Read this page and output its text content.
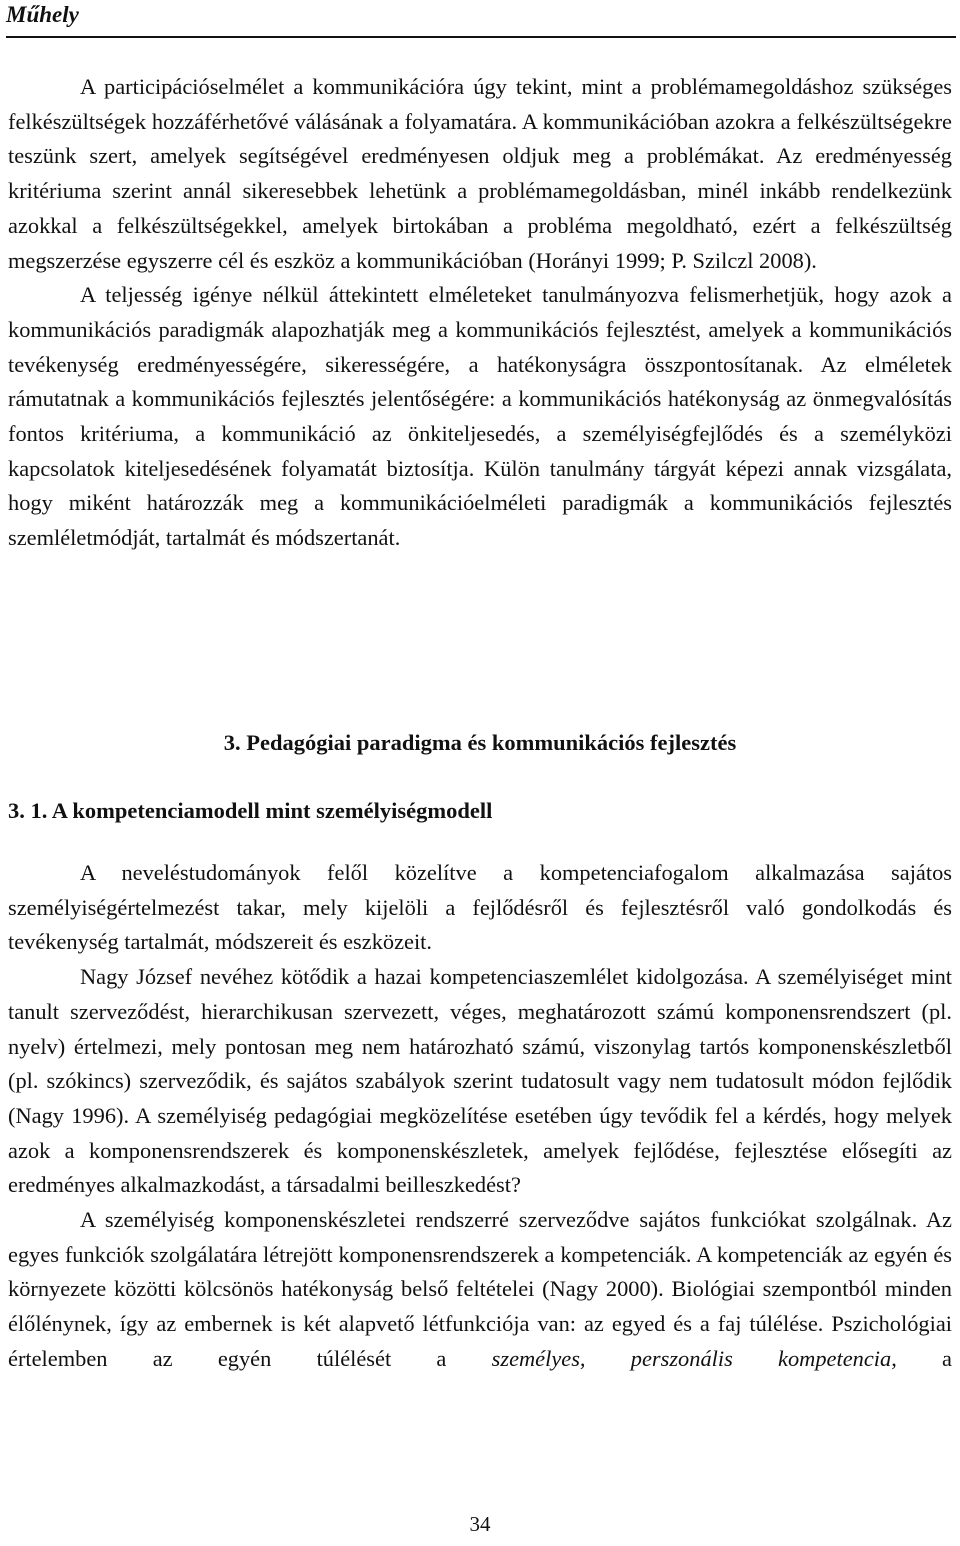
Műhely

A participációselmélet a kommunikációra úgy tekint, mint a problémamegoldáshoz szükséges felkészültségek hozzáférhetővé válásának a folyamatára. A kommunikációban azokra a felkészültségekre teszünk szert, amelyek segítségével eredményesen oldjuk meg a problémákat. Az eredményesség kritériuma szerint annál sikeresebbek lehetünk a problémamegoldásban, minél inkább rendelkezünk azokkal a felkészültségekkel, amelyek birtokában a probléma megoldható, ezért a felkészültség megszerzése egyszerre cél és eszköz a kommunikációban (Horányi 1999; P. Szilczl 2008).

A teljesség igénye nélkül áttekintett elméleteket tanulmányozva felismerhetjük, hogy azok a kommunikációs paradigmák alapozhatják meg a kommunikációs fejlesztést, amelyek a kommunikációs tevékenység eredményességére, sikerességére, a hatékonyságra összpontosítanak. Az elméletek rámutatnak a kommunikációs fejlesztés jelentőségére: a kommunikációs hatékonyság az önmegvalósítás fontos kritériuma, a kommunikáció az önkiteljesedés, a személyiségfejlődés és a személyközi kapcsolatok kiteljesedésének folyamatát biztosítja. Külön tanulmány tárgyát képezi annak vizsgálata, hogy miként határozzák meg a kommunikációelméleti paradigmák a kommunikációs fejlesztés szemléletmódját, tartalmát és módszertanát.

3. Pedagógiai paradigma és kommunikációs fejlesztés
3. 1. A kompetenciamodell mint személyiségmodell

A neveléstudományok felől közelítve a kompetenciafogalom alkalmazása sajátos személyiségértelmezést takar, mely kijelöli a fejlődésről és fejlesztésről való gondolkodás és tevékenység tartalmát, módszereit és eszközeit.

Nagy József nevéhez kötődik a hazai kompetenciaszemlélet kidolgozása. A személyiséget mint tanult szerveződést, hierarchikusan szervezett, véges, meghatározott számú komponensrendszert (pl. nyelv) értelmezi, mely pontosan meg nem határozható számú, viszonylag tartós komponenskészletből (pl. szókincs) szerveződik, és sajátos szabályok szerint tudatosult vagy nem tudatosult módon fejlődik (Nagy 1996). A személyiség pedagógiai megközelítése esetében úgy tevődik fel a kérdés, hogy melyek azok a komponensrendszerek és komponenskészletek, amelyek fejlődése, fejlesztése elősegíti az eredményes alkalmazkodást, a társadalmi beilleszkedést?

A személyiség komponenskészletei rendszerré szerveződve sajátos funkciókat szolgálnak. Az egyes funkciók szolgálatára létrejött komponensrendszerek a kompetenciák. A kompetenciák az egyén és környezete közötti kölcsönös hatékonyság belső feltételei (Nagy 2000). Biológiai szempontból minden élőlénynek, így az embernek is két alapvető létfunkciója van: az egyed és a faj túlélése. Pszichológiai értelemben az egyén túlélését a személyes, perszonális kompetencia, a

34
